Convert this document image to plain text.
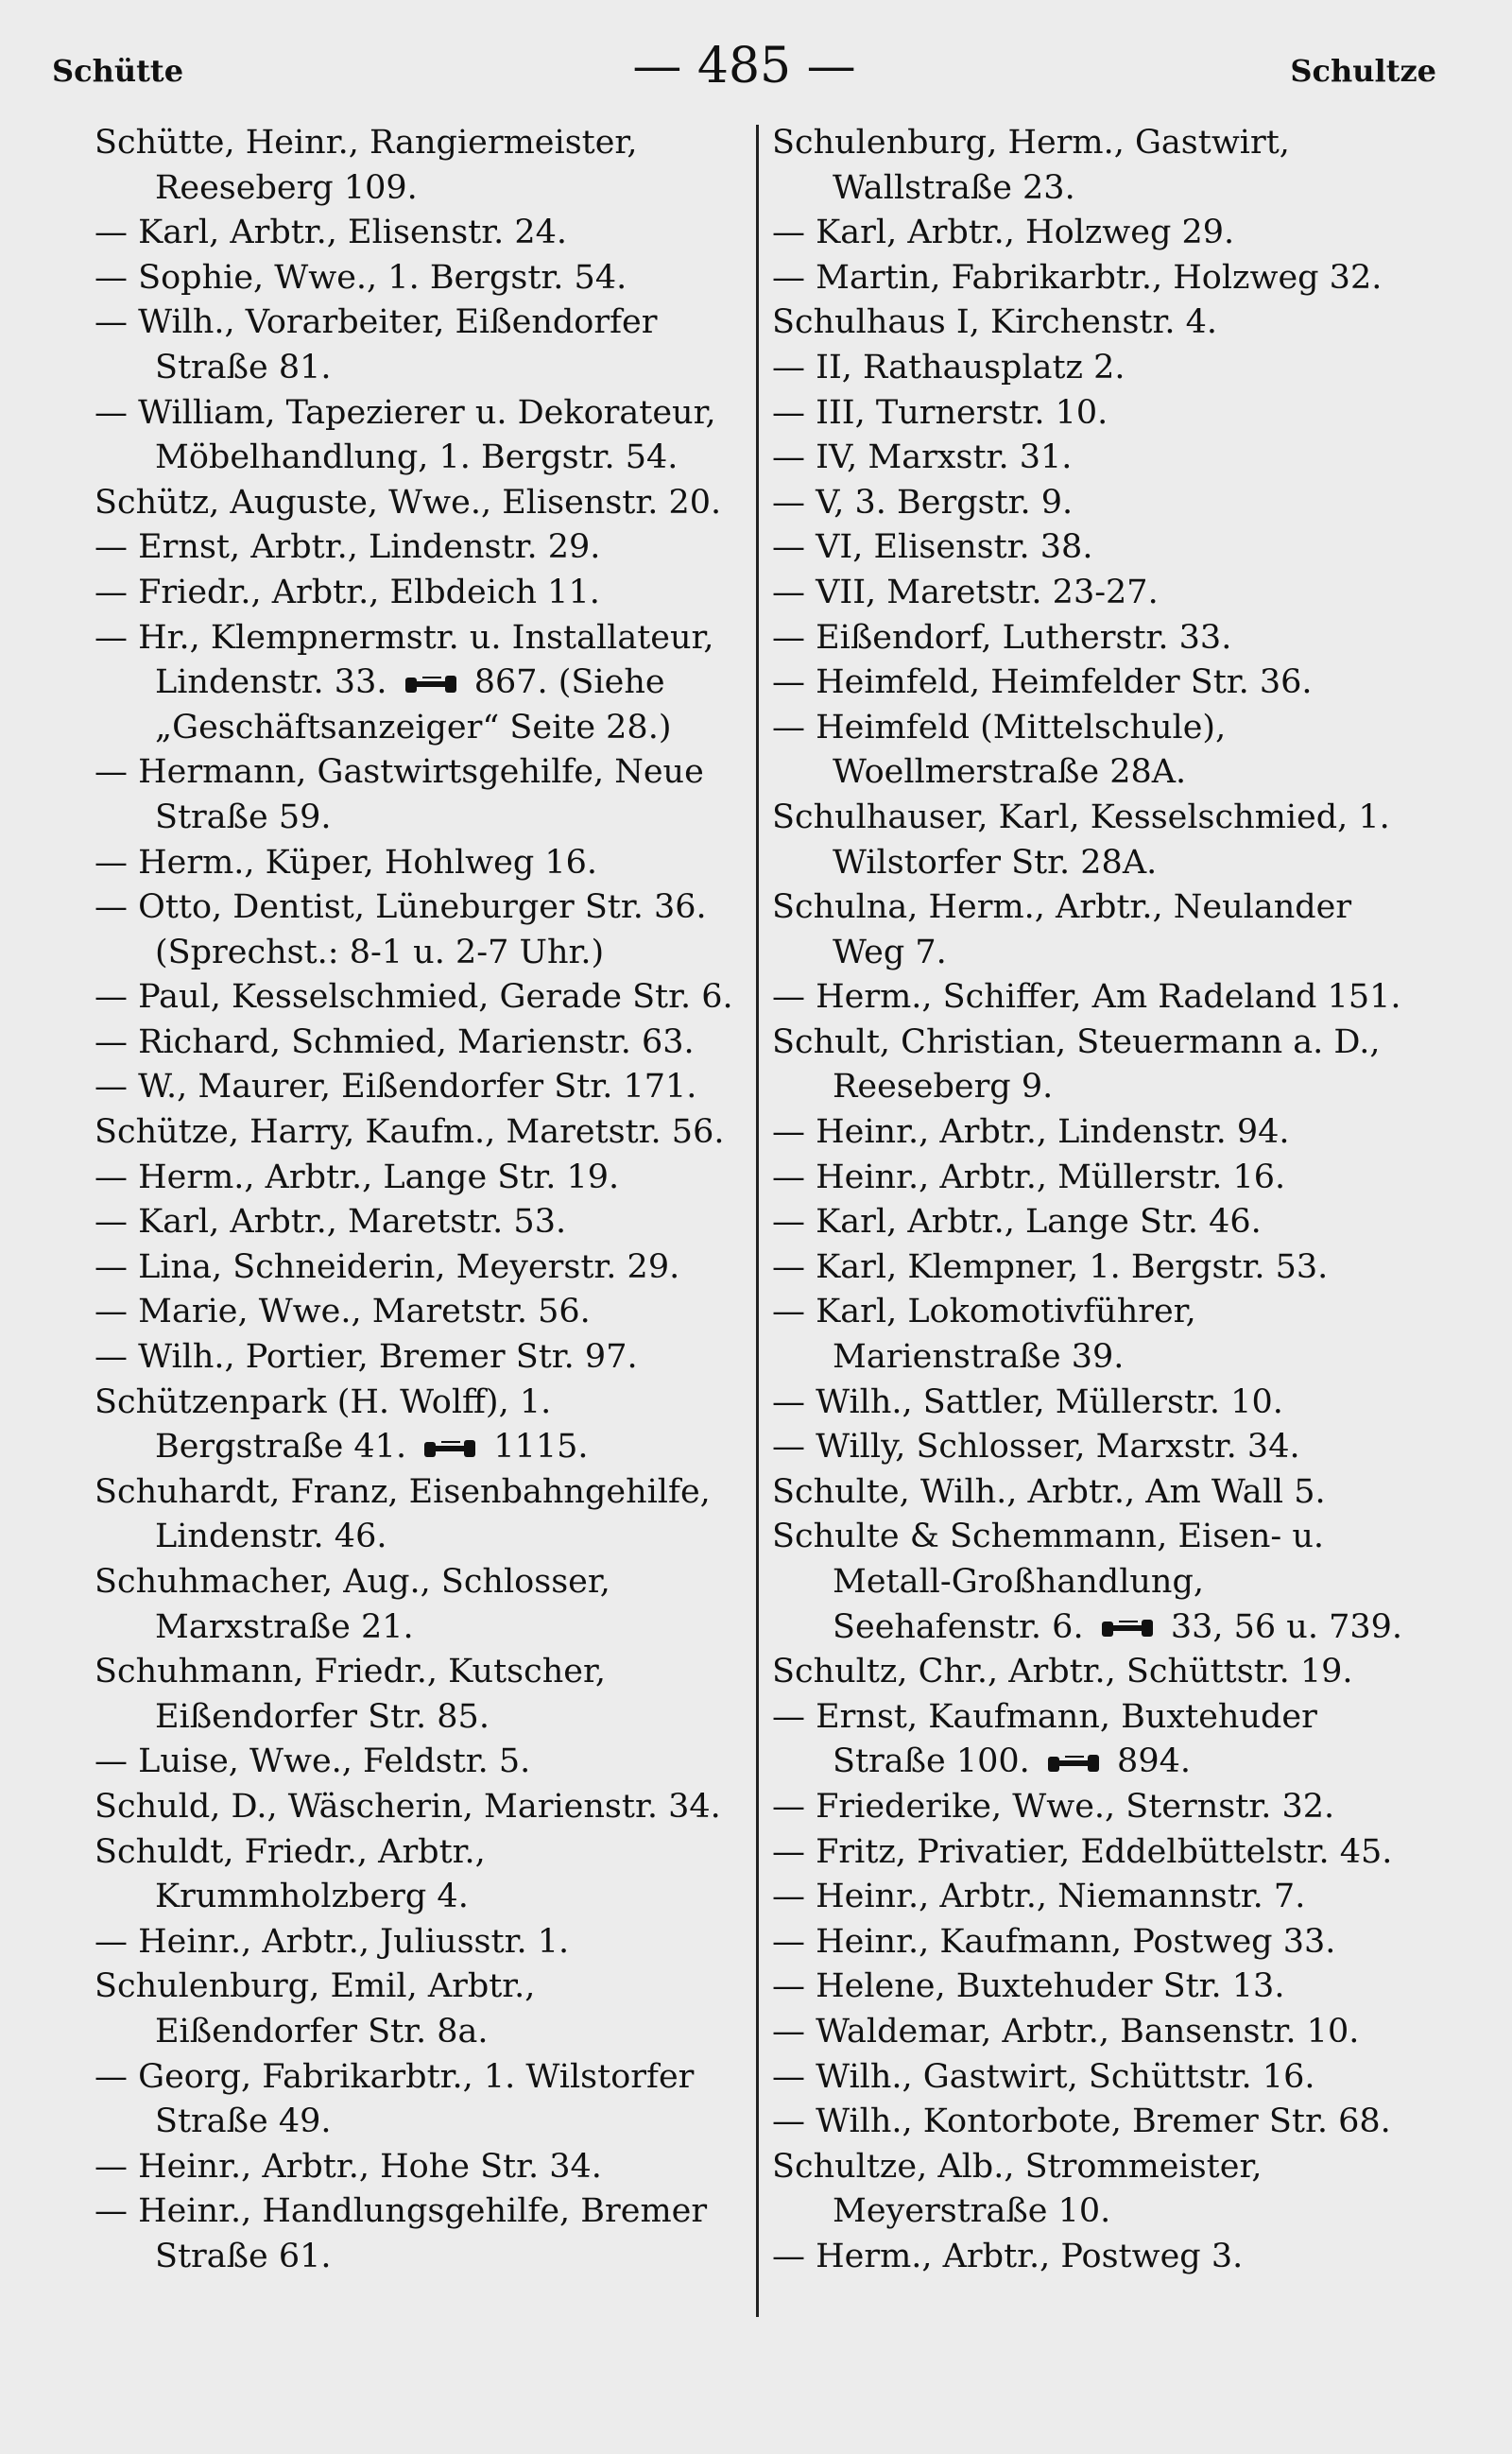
Schütte	— 485 —	Schultze
Schütte, Heinr., Rangiermeister, Reeseberg 109.
— Karl, Arbtr., Elisenstr. 24.
— Sophie, Wwe., 1. Bergstr. 54.
— Wilh., Vorarbeiter, Eißendorfer Straße 81.
— William, Tapezierer u. Dekorateur, Möbelhandlung, 1. Bergstr. 54.
Schütz, Auguste, Wwe., Elisenstr. 20.
— Ernst, Arbtr., Lindenstr. 29.
— Friedr., Arbtr., Elbdeich 11.
— Hr., Klempnermstr. u. Installateur, Lindenstr. 33.  867. (Siehe „Geschäftsanzeiger“ Seite 28.)
— Hermann, Gastwirtsgehilfe, Neue Straße 59.
— Herm., Küper, Hohlweg 16.
— Otto, Dentist, Lüneburger Str. 36. (Sprechst.: 8-1 u. 2-7 Uhr.)
— Paul, Kesselschmied, Gerade Str. 6.
— Richard, Schmied, Marienstr. 63.
— W., Maurer, Eißendorfer Str. 171.
Schütze, Harry, Kaufm., Maretstr. 56.
— Herm., Arbtr., Lange Str. 19.
— Karl, Arbtr., Maretstr. 53.
— Lina, Schneiderin, Meyerstr. 29.
— Marie, Wwe., Maretstr. 56.
— Wilh., Portier, Bremer Str. 97.
Schützenpark (H. Wolff), 1. Bergstraße 41.  1115.
Schuhardt, Franz, Eisenbahngehilfe, Lindenstr. 46.
Schuhmacher, Aug., Schlosser, Marxstraße 21.
Schuhmann, Friedr., Kutscher, Eißendorfer Str. 85.
— Luise, Wwe., Feldstr. 5.
Schuld, D., Wäscherin, Marienstr. 34.
Schuldt, Friedr., Arbtr., Krummholzberg 4.
— Heinr., Arbtr., Juliusstr. 1.
Schulenburg, Emil, Arbtr., Eißendorfer Str. 8a.
— Georg, Fabrikarbtr., 1. Wilstorfer Straße 49.
— Heinr., Arbtr., Hohe Str. 34.
— Heinr., Handlungsgehilfe, Bremer Straße 61.
Schulenburg, Herm., Gastwirt, Wallstraße 23.
— Karl, Arbtr., Holzweg 29.
— Martin, Fabrikarbtr., Holzweg 32.
Schulhaus I, Kirchenstr. 4.
— II, Rathausplatz 2.
— III, Turnerstr. 10.
— IV, Marxstr. 31.
— V, 3. Bergstr. 9.
— VI, Elisenstr. 38.
— VII, Maretstr. 23-27.
— Eißendorf, Lutherstr. 33.
— Heimfeld, Heimfelder Str. 36.
— Heimfeld (Mittelschule), Woellmerstraße 28A.
Schulhauser, Karl, Kesselschmied, 1. Wilstorfer Str. 28A.
Schulna, Herm., Arbtr., Neulander Weg 7.
— Herm., Schiffer, Am Radeland 151.
Schult, Christian, Steuermann a. D., Reeseberg 9.
— Heinr., Arbtr., Lindenstr. 94.
— Heinr., Arbtr., Müllerstr. 16.
— Karl, Arbtr., Lange Str. 46.
— Karl, Klempner, 1. Bergstr. 53.
— Karl, Lokomotivführer, Marienstraße 39.
— Wilh., Sattler, Müllerstr. 10.
— Willy, Schlosser, Marxstr. 34.
Schulte, Wilh., Arbtr., Am Wall 5.
Schulte & Schemmann, Eisen- u. Metall-Großhandlung, Seehafenstr. 6.  33, 56 u. 739.
Schultz, Chr., Arbtr., Schüttstr. 19.
— Ernst, Kaufmann, Buxtehuder Straße 100.  894.
— Friederike, Wwe., Sternstr. 32.
— Fritz, Privatier, Eddelbüttelstr. 45.
— Heinr., Arbtr., Niemannstr. 7.
— Heinr., Kaufmann, Postweg 33.
— Helene, Buxtehuder Str. 13.
— Waldemar, Arbtr., Bansenstr. 10.
— Wilh., Gastwirt, Schüttstr. 16.
— Wilh., Kontorbote, Bremer Str. 68.
Schultze, Alb., Strommeister, Meyerstraße 10.
— Herm., Arbtr., Postweg 3.
